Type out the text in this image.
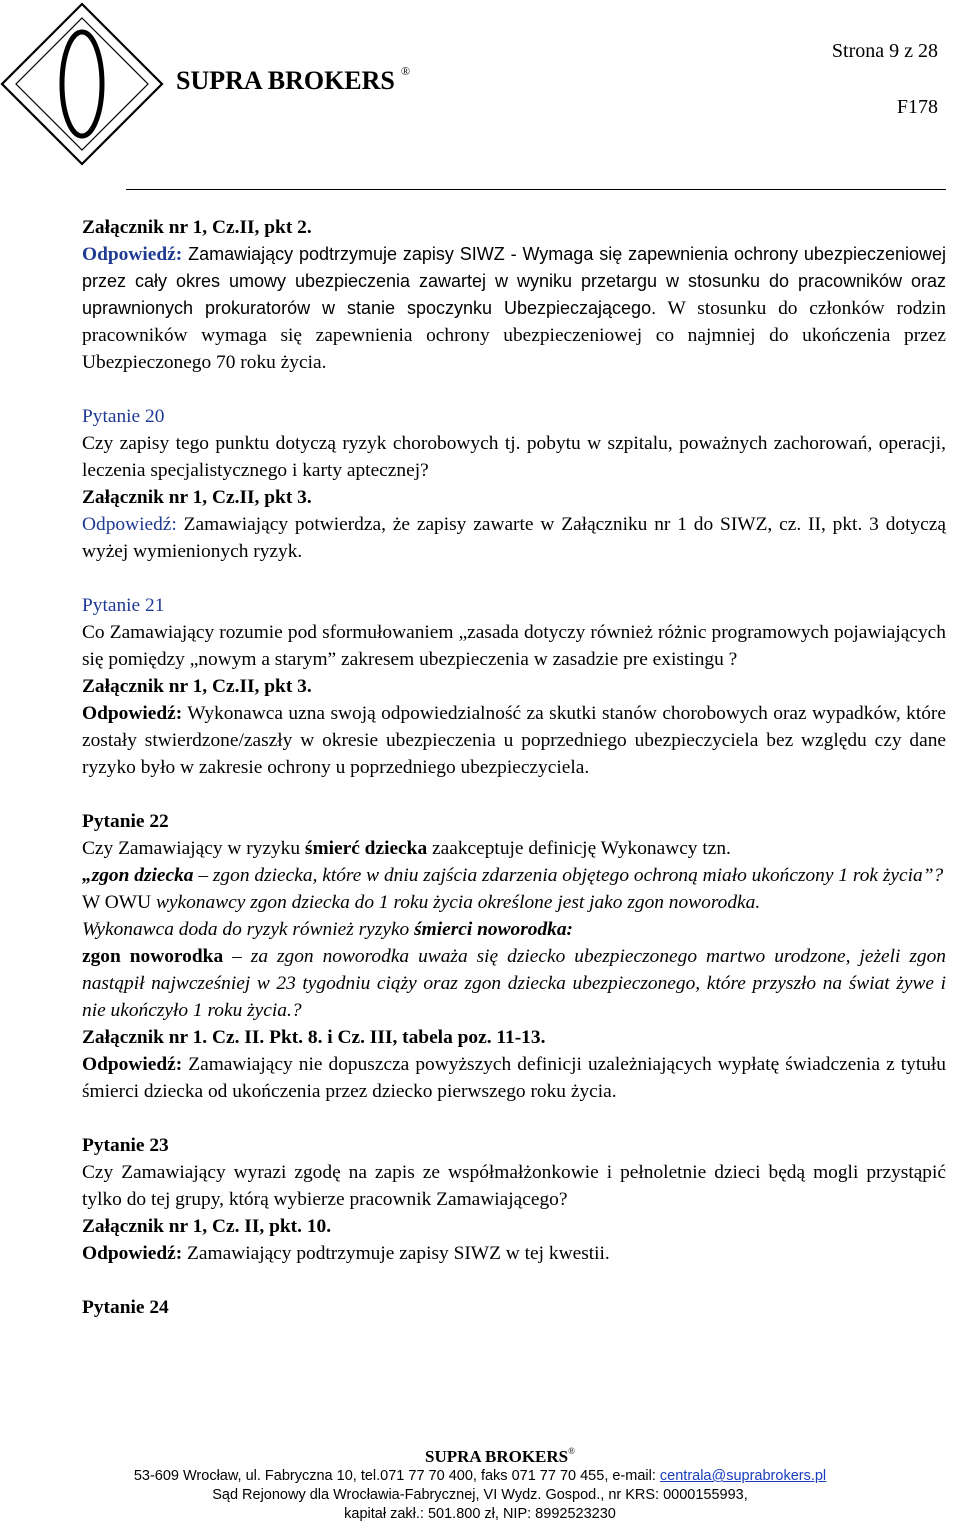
SUPRA BROKERS ®
Strona 9 z 28
F178

Załącznik nr 1, Cz.II, pkt 2.

Odpowiedź: Zamawiający podtrzymuje zapisy SIWZ - Wymaga się zapewnienia ochrony ubezpieczeniowej przez cały okres umowy ubezpieczenia zawartej w wyniku przetargu w stosunku do pracowników oraz uprawnionych prokuratorów w stanie spoczynku Ubezpieczającego. W stosunku do członków rodzin pracowników wymaga się zapewnienia ochrony ubezpieczeniowej co najmniej do ukończenia przez Ubezpieczonego 70 roku życia.

Pytanie 20

Czy zapisy tego punktu dotyczą ryzyk chorobowych tj. pobytu w szpitalu, poważnych zachorowań, operacji, leczenia specjalistycznego i karty aptecznej?

Załącznik nr 1, Cz.II, pkt 3.

Odpowiedź: Zamawiający potwierdza, że zapisy zawarte w Załączniku nr 1 do SIWZ, cz. II, pkt. 3 dotyczą wyżej wymienionych ryzyk.

Pytanie 21

Co Zamawiający rozumie pod sformułowaniem „zasada dotyczy również różnic programowych pojawiających się pomiędzy „nowym a starym” zakresem ubezpieczenia w zasadzie pre existingu ?

Załącznik nr 1, Cz.II, pkt 3.

Odpowiedź: Wykonawca uzna swoją odpowiedzialność za skutki stanów chorobowych oraz wypadków, które zostały stwierdzone/zaszły w okresie ubezpieczenia u poprzedniego ubezpieczyciela bez względu czy dane ryzyko było w zakresie ochrony u poprzedniego ubezpieczyciela.

Pytanie 22

Czy Zamawiający w ryzyku śmierć dziecka zaakceptuje definicję Wykonawcy tzn.

„zgon dziecka – zgon dziecka, które w dniu zajścia zdarzenia objętego ochroną miało ukończony 1 rok życia”?

W OWU wykonawcy zgon dziecka do 1 roku życia określone jest jako zgon noworodka.

Wykonawca doda do ryzyk również ryzyko śmierci noworodka:

zgon noworodka – za zgon noworodka uważa się dziecko ubezpieczonego martwo urodzone, jeżeli zgon nastąpił najwcześniej w 23 tygodniu ciąży oraz zgon dziecka ubezpieczonego, które przyszło na świat żywe i nie ukończyło 1 roku życia.?

Załącznik nr 1. Cz. II. Pkt. 8. i Cz. III, tabela poz. 11-13.

Odpowiedź: Zamawiający nie dopuszcza powyższych definicji uzależniających wypłatę świadczenia z tytułu śmierci dziecka od ukończenia przez dziecko pierwszego roku życia.

Pytanie 23

Czy Zamawiający wyrazi zgodę na zapis ze współmałżonkowie i pełnoletnie dzieci będą mogli przystąpić tylko do tej grupy, którą wybierze pracownik Zamawiającego?

Załącznik nr 1, Cz. II, pkt. 10.

Odpowiedź: Zamawiający podtrzymuje zapisy SIWZ w tej kwestii.

Pytanie 24

SUPRA BROKERS®
53-609 Wrocław, ul. Fabryczna 10, tel.071 77 70 400, faks 071 77 70 455, e-mail: centrala@suprabrokers.pl
Sąd Rejonowy dla Wrocławia-Fabrycznej, VI Wydz. Gospod., nr KRS: 0000155993,
kapitał zakł.: 501.800 zł, NIP: 8992523230
